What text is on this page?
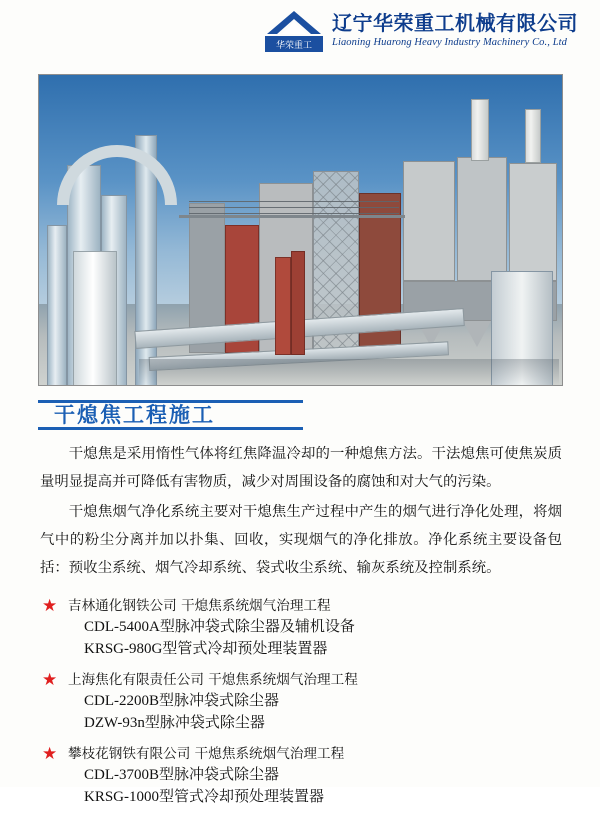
华荣重工
辽宁华荣重工机械有限公司
Liaoning Huarong Heavy Industry Machinery Co., Ltd
干熄焦工程施工

干熄焦是采用惰性气体将红焦降温冷却的一种熄焦方法。干法熄焦可使焦炭质量明显提高并可降低有害物质，减少对周围设备的腐蚀和对大气的污染。

干熄焦烟气净化系统主要对干熄焦生产过程中产生的烟气进行净化处理，将烟气中的粉尘分离并加以扑集、回收，实现烟气的净化排放。净化系统主要设备包括：预收尘系统、烟气冷却系统、袋式收尘系统、输灰系统及控制系统。

★ 吉林通化钢铁公司 干熄焦系统烟气治理工程
CDL-5400A型脉冲袋式除尘器及辅机设备
KRSG-980G型管式冷却预处理装置器
★ 上海焦化有限责任公司 干熄焦系统烟气治理工程
CDL-2200B型脉冲袋式除尘器
DZW-93n型脉冲袋式除尘器
★ 攀枝花钢铁有限公司 干熄焦系统烟气治理工程
CDL-3700B型脉冲袋式除尘器
KRSG-1000型管式冷却预处理装置器
